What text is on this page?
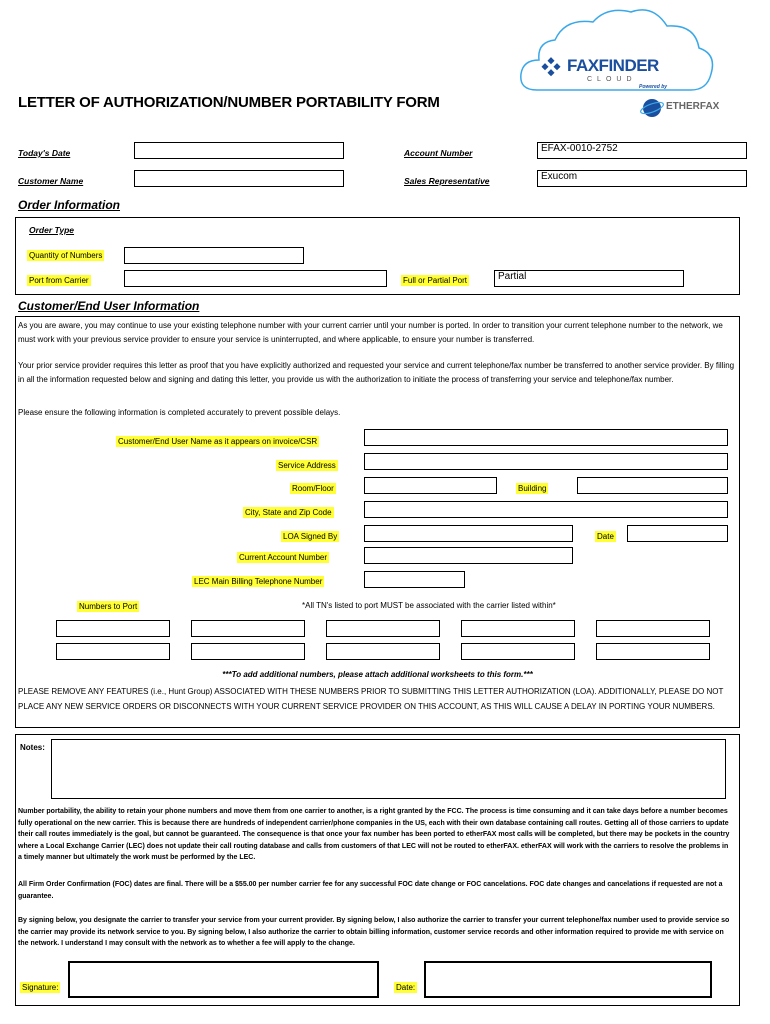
FAXFINDER
CLOUD
Powered by
ETHERFAX
LETTER OF AUTHORIZATION/NUMBER PORTABILITY FORM
Today's Date
Customer Name
Account Number	EFAX-0010-2752
Sales Representative	Exucom
Order Information
Order Type
Quantity of Numbers
Port from Carrier	Full or Partial Port	Partial
Customer/End User Information
As you are aware, you may continue to use your existing telephone number with your current carrier until your number is ported. In order to transition your current telephone number to the network, we must work with your previous service provider to ensure your service is uninterrupted, and where applicable, to ensure your number is transferred.
Your prior service provider requires this letter as proof that you have explicitly authorized and requested your service and current telephone/fax number be transferred to another service provider. By filling in all the information requested below and signing and dating this letter, you provide us with the authorization to initiate the process of transferring your service and telephone/fax number.
Please ensure the following information is completed accurately to prevent possible delays.
Customer/End User Name as it appears on invoice/CSR
Service Address
Room/Floor	Building
City, State and Zip Code
LOA Signed By	Date
Current Account Number
LEC Main Billing Telephone Number
Numbers to Port	*All TN's listed to port MUST be associated with the carrier listed within*
***To add additional numbers, please attach additional worksheets to this form.***
PLEASE REMOVE ANY FEATURES (i.e., Hunt Group) ASSOCIATED WITH THESE NUMBERS PRIOR TO SUBMITTING THIS LETTER AUTHORIZATION (LOA). ADDITIONALLY, PLEASE DO NOT PLACE ANY NEW SERVICE ORDERS OR DISCONNECTS WITH YOUR CURRENT SERVICE PROVIDER ON THIS ACCOUNT, AS THIS WILL CAUSE A DELAY IN PORTING YOUR NUMBERS.
Notes:
Number portability, the ability to retain your phone numbers and move them from one carrier to another, is a right granted by the FCC. The process is time consuming and it can take days before a number becomes fully operational on the new carrier. This is because there are hundreds of independent carrier/phone companies in the US, each with their own database containing call routes. Getting all of those carriers to update their call routes immediately is the goal, but cannot be guaranteed. The consequence is that once your fax number has been ported to etherFAX most calls will be completed, but there may be pockets in the country where a Local Exchange Carrier (LEC) does not update their call routing database and calls from customers of that LEC will not be routed to etherFAX. etherFAX will work with the carriers to resolve the problems in a timely manner but ultimately the work must be performed by the LEC.
All Firm Order Confirmation (FOC) dates are final. There will be a $55.00 per number carrier fee for any successful FOC date change or FOC cancelations. FOC date changes and cancelations if requested are not a guarantee.
By signing below, you designate the carrier to transfer your service from your current provider. By signing below, I also authorize the carrier to transfer your current telephone/fax number used to provide service so the carrier may provide its network service to you. By signing below, I also authorize the carrier to obtain billing information, customer service records and other information required to provide me with service on the network. I understand I may consult with the network as to whether a fee will apply to the change.
Signature:	Date:
